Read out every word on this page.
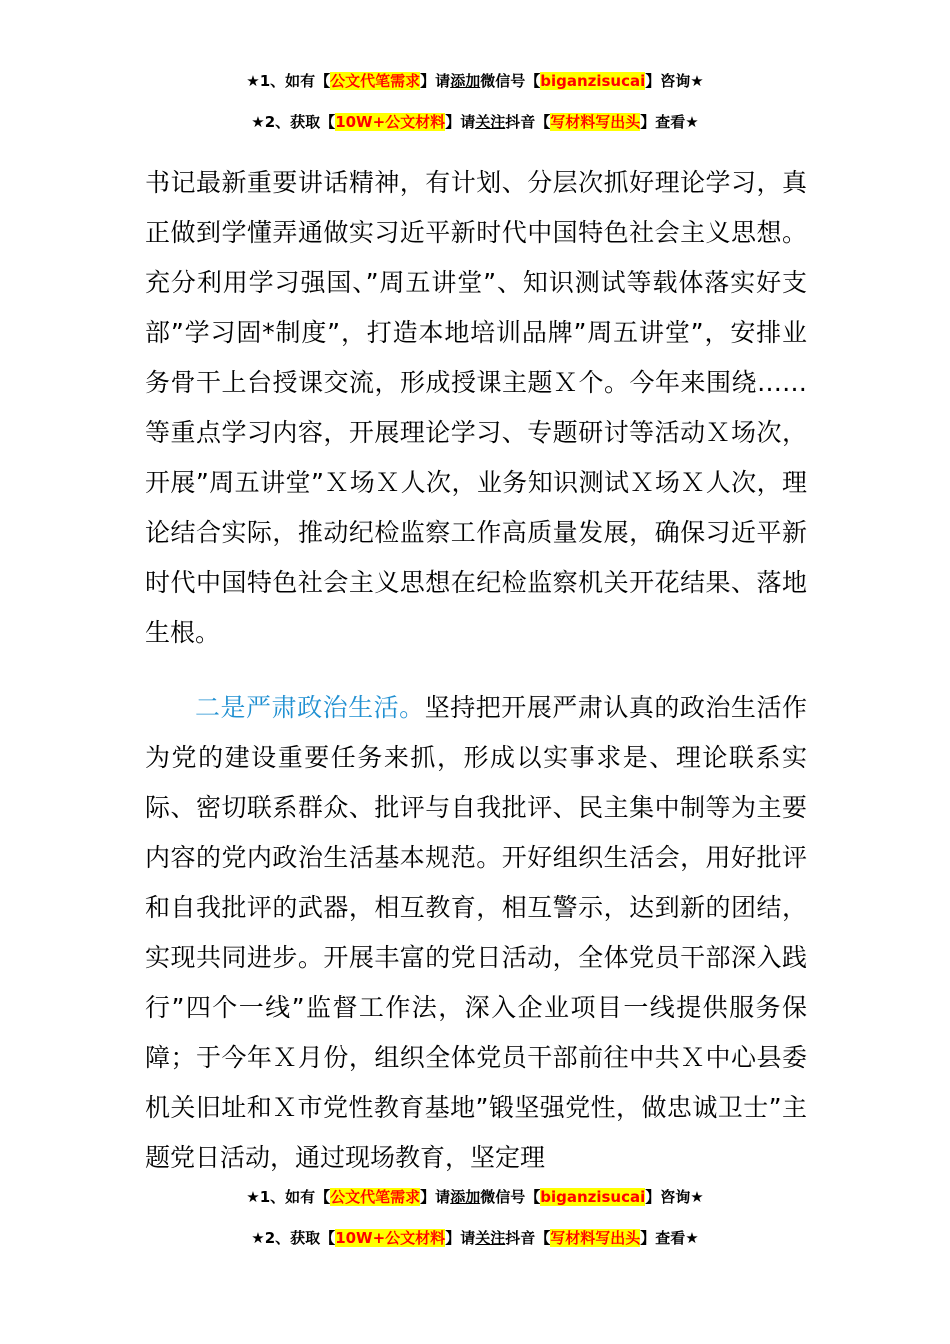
★1、如有【公文代笔需求】请添加微信号【biganzisucai】咨询★
★2、获取【10W+公文材料】请关注抖音【写材料写出头】查看★

书记最新重要讲话精神，有计划、分层次抓好理论学习，真正做到学懂弄通做实习近平新时代中国特色社会主义思想。充分利用学习强国、”周五讲堂”、知识测试等载体落实好支部”学习固*制度”，打造本地培训品牌”周五讲堂”，安排业务骨干上台授课交流，形成授课主题Ｘ个。今年来围绕……等重点学习内容，开展理论学习、专题研讨等活动Ｘ场次，开展”周五讲堂”Ｘ场Ｘ人次，业务知识测试Ｘ场Ｘ人次，理论结合实际，推动纪检监察工作高质量发展，确保习近平新时代中国特色社会主义思想在纪检监察机关开花结果、落地生根。

二是严肃政治生活。坚持把开展严肃认真的政治生活作为党的建设重要任务来抓，形成以实事求是、理论联系实际、密切联系群众、批评与自我批评、民主集中制等为主要内容的党内政治生活基本规范。开好组织生活会，用好批评和自我批评的武器，相互教育，相互警示，达到新的团结，实现共同进步。开展丰富的党日活动，全体党员干部深入践行”四个一线”监督工作法，深入企业项目一线提供服务保障；于今年Ｘ月份，组织全体党员干部前往中共Ｘ中心县委机关旧址和Ｘ市党性教育基地”锻坚强党性，做忠诚卫士”主题党日活动，通过现场教育，坚定理

★1、如有【公文代笔需求】请添加微信号【biganzisucai】咨询★
★2、获取【10W+公文材料】请关注抖音【写材料写出头】查看★
